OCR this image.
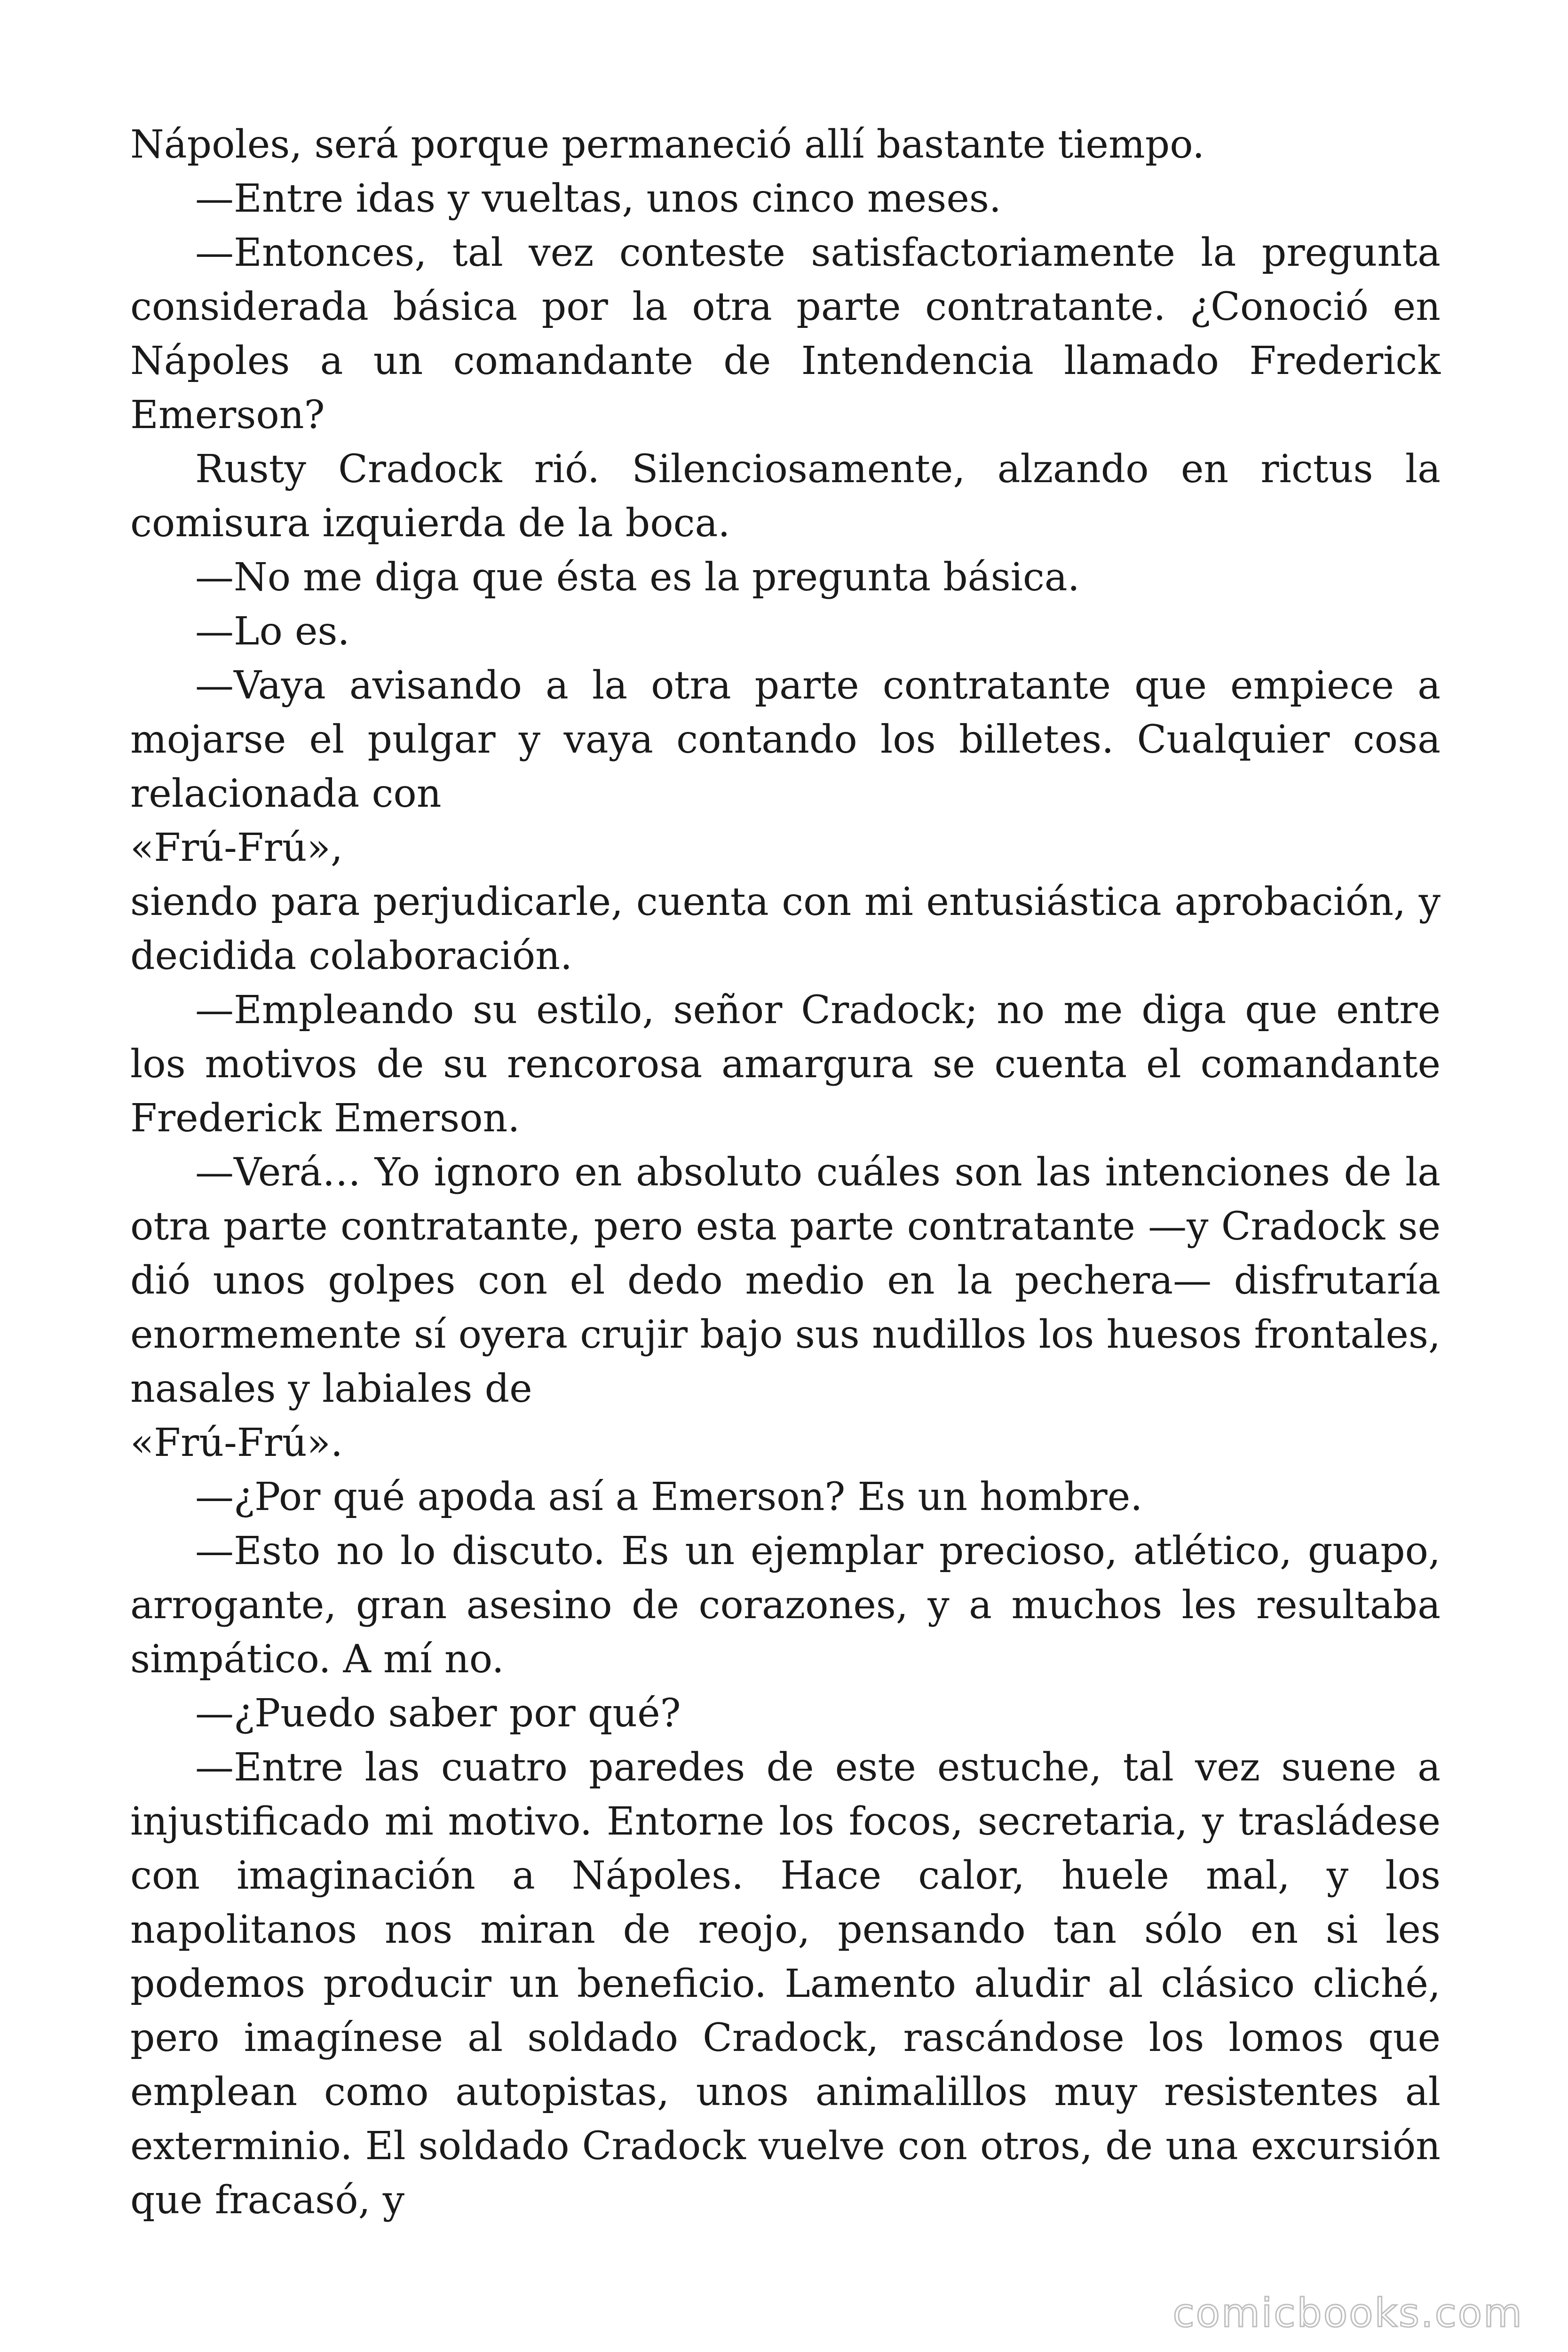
Nápoles, será porque permaneció allí bastante tiempo.

—Entre idas y vueltas, unos cinco meses.

—Entonces, tal vez conteste satisfactoriamente la pregunta considerada básica por la otra parte contratante. ¿Conoció en Nápoles a un comandante de Intendencia llamado Frederick Emerson?

Rusty Cradock rió. Silenciosamente, alzando en rictus la comisura izquierda de la boca.

—No me diga que ésta es la pregunta básica.

—Lo es.

—Vaya avisando a la otra parte contratante que empiece a mojarse el pulgar y vaya contando los billetes. Cualquier cosa relacionada con

«Frú-Frú»,

siendo para perjudicarle, cuenta con mi entusiástica aprobación, y decidida colaboración.

—Empleando su estilo, señor Cradock; no me diga que entre los motivos de su rencorosa amargura se cuenta el comandante Frederick Emerson.

—Verá… Yo ignoro en absoluto cuáles son las intenciones de la otra parte contratante, pero esta parte contratante —y Cradock se dió unos golpes con el dedo medio en la pechera— disfrutaría enormemente sí oyera crujir bajo sus nudillos los huesos frontales, nasales y labiales de

«Frú-Frú».

—¿Por qué apoda así a Emerson? Es un hombre.

—Esto no lo discuto. Es un ejemplar precioso, atlético, guapo, arrogante, gran asesino de corazones, y a muchos les resultaba simpático. A mí no.

—¿Puedo saber por qué?

—Entre las cuatro paredes de este estuche, tal vez suene a injustificado mi motivo. Entorne los focos, secretaria, y trasládese con imaginación a Nápoles. Hace calor, huele mal, y los napolitanos nos miran de reojo, pensando tan sólo en si les podemos producir un beneficio. Lamento aludir al clásico cliché, pero imagínese al soldado Cradock, rascándose los lomos que emplean como autopistas, unos animalillos muy resistentes al exterminio. El soldado Cradock vuelve con otros, de una excursión que fracasó, y

comicbooks.com
